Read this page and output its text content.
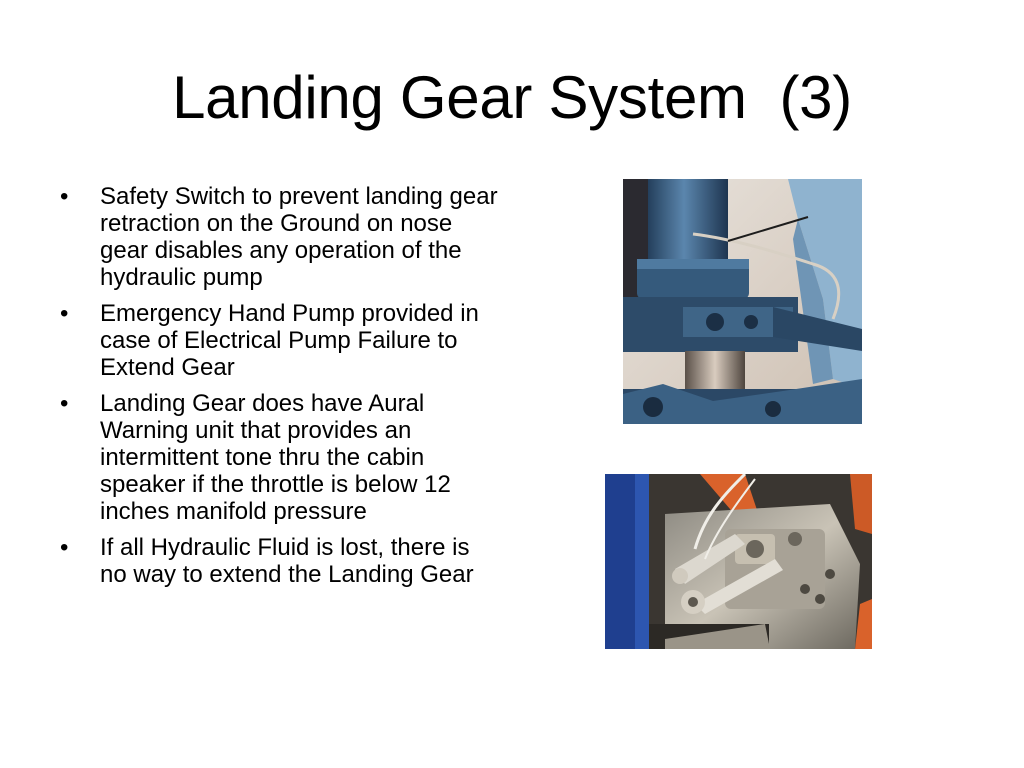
Landing Gear System  (3)
•	Safety Switch to prevent landing gear retraction on the Ground on nose gear disables any operation of the hydraulic pump
•	Emergency Hand Pump provided in case of Electrical Pump Failure to Extend Gear
•	Landing Gear does have Aural Warning unit that provides an intermittent tone thru the cabin speaker if the throttle is below 12 inches manifold pressure
•	If all Hydraulic Fluid is lost, there is no way to extend the Landing Gear
